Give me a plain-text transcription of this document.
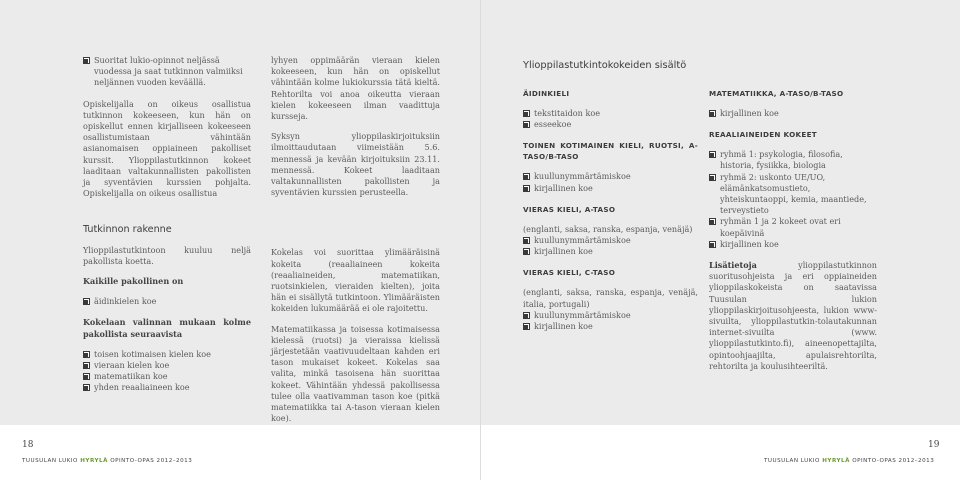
Suoritat lukio-opinnot neljässä vuodessa ja saat tutkinnon valmiiksi neljännen vuoden keväällä.

Opiskelijalla on oikeus osallistua tutkinnon kokeeseen, kun hän on opiskellut ennen kirjalliseen kokeeseen osallistumistaan vähintään asianomaisen oppiaineen pakolliset kurssit. Ylioppilastutkinnon kokeet laaditaan valtakunnallisten pakollisten ja syventävien kurssien pohjalta. Opiskelijalla on oikeus osallistua

Tutkinnon rakenne

Ylioppilastutkintoon kuuluu neljä pakollista koetta.

Kaikille pakollinen on

äidinkielen koe

Kokelaan valinnan mukaan kolme pakollista seuraavista

toisen kotimaisen kielen koe
vieraan kielen koe
matematiikan koe
yhden reaaliaineen koe

lyhyen oppimäärän vieraan kielen kokeeseen, kun hän on opiskellut vähintään kolme lukiokurssia tätä kieltä. Rehtoriltа voi anoa oikeutta vieraan kielen kokeeseen ilman vaadittuja kursseja.

Syksyn ylioppilaskirjoituksiin ilmoittaudutaan viimeistään 5.6. mennessä ja kevään kirjoituksiin 23.11. mennessä. Kokeet laaditaan valtakunnallisten pakollisten ja syventävien kurssien perusteella.

Kokelas voi suorittaa ylimääräisinä kokeita (reaaliaineen kokeita (reaaliaineiden, matematiikan, ruotsinkielen, vieraiden kielten), joita hän ei sisällytä tutkintoon. Ylimääräisten kokeiden lukumäärää ei ole rajoitettu.

Matematiikassa ja toisessa kotimaisessa kielessä (ruotsi) ja vieraissa kielissä järjestetään vaativuudeltaan kahden eri tason mukaiset kokeet. Kokelas saa valita, minkä tasoisena hän suorittaa kokeet. Vähintään yhdessä pakollisessa tulee olla vaativamman tason koe (pitkä matematiikka tai A-tason vieraan kielen koe).

Ylioppilastutkintokokeiden sisältö

ÄIDINKIELI

tekstitaidon koe
esseekoe

TOINEN KOTIMAINEN KIELI, RUOTSI, A-TASO/B-TASO

kuullunymmärtämiskoe
kirjallinen koe

VIERAS KIELI, A-TASO

(englanti, saksa, ranska, espanja, venäjä)

kuullunymmärtämiskoe
kirjallinen koe

VIERAS KIELI, C-TASO

(englanti, saksa, ranska, espanja, venäjä, italia, portugali)

kuullunymmärtämiskoe
kirjallinen koe

MATEMATIIKKA, A-TASO/B-TASO

kirjallinen koe

REAALIAINEIDEN KOKEET

ryhmä 1: psykologia, filosofia, historia, fysiikka, biologia
ryhmä 2: uskonto UE/UO, elämänkatsomustieto, yhteiskuntaoppi, kemia, maantiede, terveystieto
ryhmän 1 ja 2 kokeet ovat eri koepäivinä
kirjallinen koe

Lisätietoja ylioppilastutkinnon suoritusohjeista ja eri oppiaineiden ylioppilaskokeista on saatavissa Tuusulan lukion ylioppilaskirjoitusohjeesta, lukion www-sivuilta, ylioppilastutkin-tolautakunnan internet-sivuilta (www. ylioppilastutkinto.fi), aineenopettajilta, opintoohjaajilta, apulaisrehtorilta, rehtorilta ja koulusihteeriltä.

18
TUUSULAN LUKIO HYRYLÄ OPINTO-OPAS 2012–2013
19
TUUSULAN LUKIO HYRYLÄ OPINTO-OPAS 2012–2013
